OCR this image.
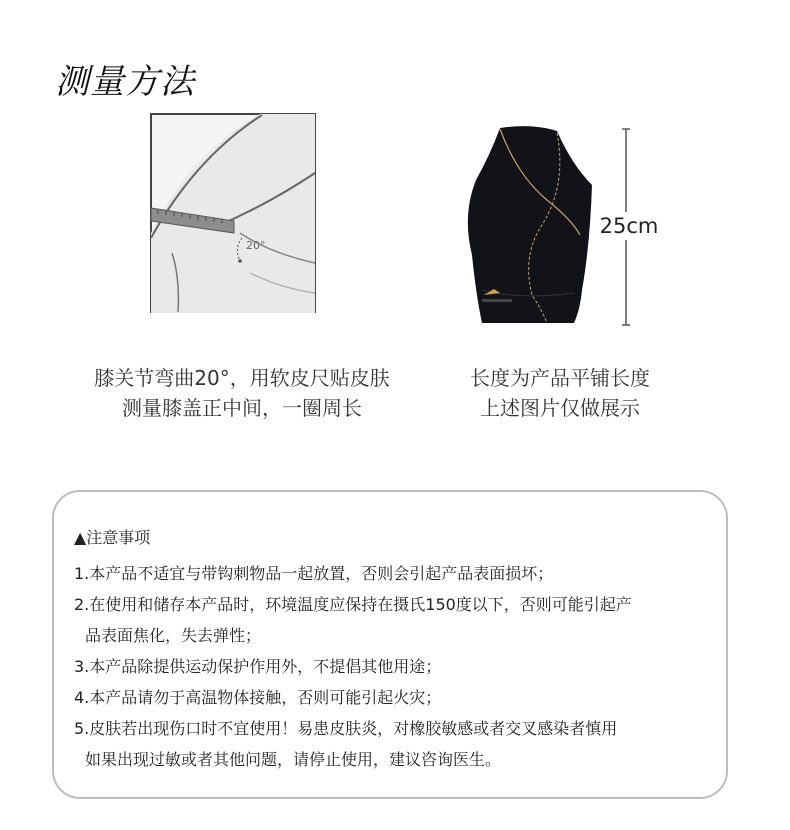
测量方法
20°
25cm
膝关节弯曲20°，用软皮尺贴皮肤
测量膝盖正中间，一圈周长
长度为产品平铺长度
上述图片仅做展示
▲注意事项
1.本产品不适宜与带钩刺物品一起放置，否则会引起产品表面损坏；
2.在使用和储存本产品时，环境温度应保持在摄氏150度以下，否则可能引起产
品表面焦化，失去弹性；
3.本产品除提供运动保护作用外，不提倡其他用途；
4.本产品请勿于高温物体接触，否则可能引起火灾；
5.皮肤若出现伤口时不宜使用！易患皮肤炎，对橡胶敏感或者交叉感染者慎用
如果出现过敏或者其他问题，请停止使用，建议咨询医生。
